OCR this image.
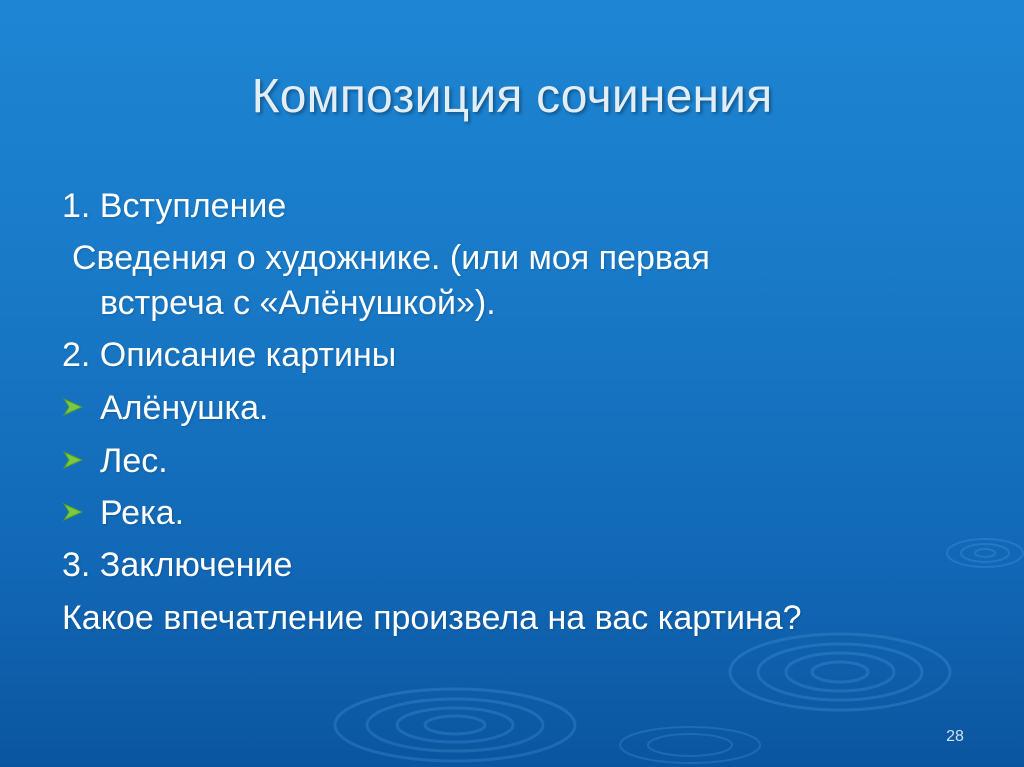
Композиция сочинения
1. Вступление
Сведения о художнике. (или моя первая
встреча с «Алёнушкой»).
2. Описание картины
Алёнушка.
Лес.
Река.
3. Заключение
Какое впечатление произвела на вас картина?
28
